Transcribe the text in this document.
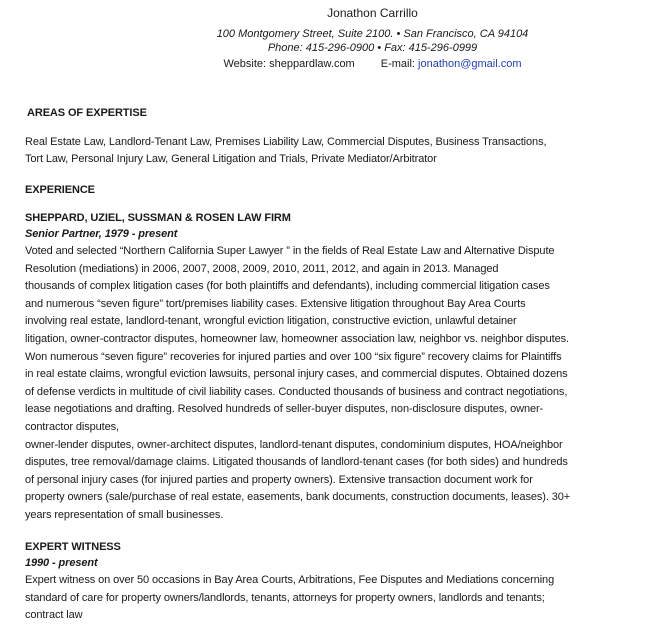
Jonathon Carrillo
100 Montgomery Street, Suite 2100. • San Francisco, CA 94104
Phone: 415-296-0900 • Fax: 415-296-0999
Website: sheppardlaw.com E-mail: jonathon@gmail.com
AREAS OF EXPERTISE
Real Estate Law, Landlord-Tenant Law, Premises Liability Law, Commercial Disputes, Business Transactions,
Tort Law, Personal Injury Law, General Litigation and Trials, Private Mediator/Arbitrator
EXPERIENCE
SHEPPARD, UZIEL, SUSSMAN & ROSEN LAW FIRM
Senior Partner, 1979 - present
Voted and selected “Northern California Super Lawyer ” in the fields of Real Estate Law and Alternative Dispute
Resolution (mediations) in 2006, 2007, 2008, 2009, 2010, 2011, 2012, and again in 2013. Managed
thousands of complex litigation cases (for both plaintiffs and defendants), including commercial litigation cases
and numerous “seven figure” tort/premises liability cases. Extensive litigation throughout Bay Area Courts
involving real estate, landlord-tenant, wrongful eviction litigation, constructive eviction, unlawful detainer
litigation, owner-contractor disputes, homeowner law, homeowner association law, neighbor vs. neighbor disputes.
Won numerous “seven figure” recoveries for injured parties and over 100 “six figure” recovery claims for Plaintiffs
in real estate claims, wrongful eviction lawsuits, personal injury cases, and commercial disputes. Obtained dozens
of defense verdicts in multitude of civil liability cases. Conducted thousands of business and contract negotiations,
lease negotiations and drafting. Resolved hundreds of seller-buyer disputes, non-disclosure disputes, owner-
contractor disputes,
owner-lender disputes, owner-architect disputes, landlord-tenant disputes, condominium disputes, HOA/neighbor
disputes, tree removal/damage claims. Litigated thousands of landlord-tenant cases (for both sides) and hundreds
of personal injury cases (for injured parties and property owners). Extensive transaction document work for
property owners (sale/purchase of real estate, easements, bank documents, construction documents, leases). 30+
years representation of small businesses.
EXPERT WITNESS
1990 - present
Expert witness on over 50 occasions in Bay Area Courts, Arbitrations, Fee Disputes and Mediations concerning
standard of care for property owners/landlords, tenants, attorneys for property owners, landlords and tenants;
contract law
